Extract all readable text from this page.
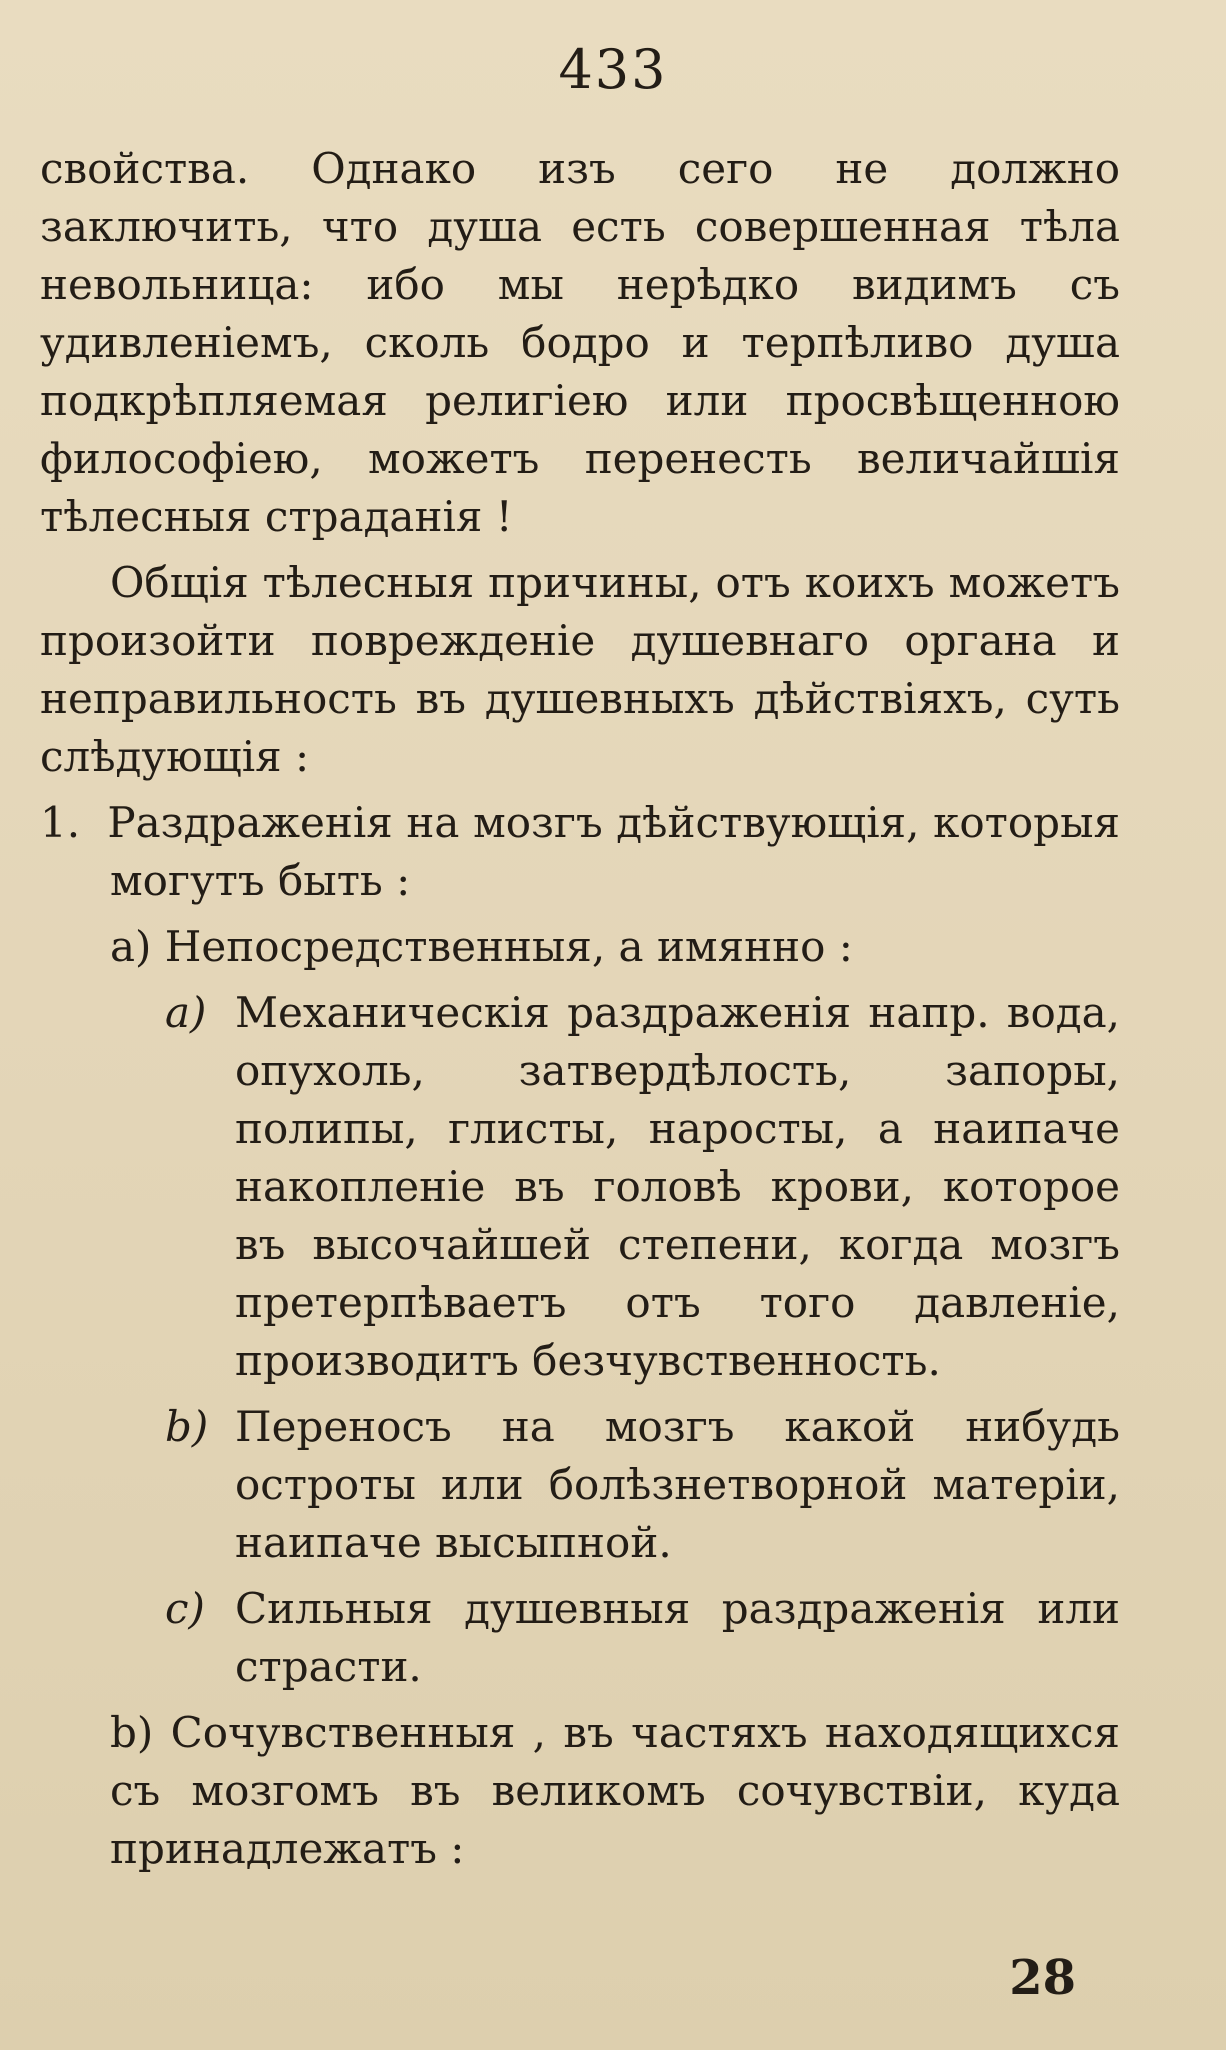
433

свойства. Однако изъ сего не должно заключить, что душа есть совершенная тѣла невольница: ибо мы нерѣдко видимъ съ удивленіемъ, сколь бодро и терпѣливо душа подкрѣпляемая религіею или просвѣщенною философіею, можетъ перенесть величайшія тѣлесныя страданія !

Общія тѣлесныя причины, отъ коихъ можетъ произойти поврежденіе душевнаго органа и неправильность въ душевныхъ дѣйствіяхъ, суть слѣдующія :

1. Раздраженія на мозгъ дѣйствующія, которыя могутъ быть :
a) Непосредственныя, а имянно :
a) Механическія раздраженія напр. вода, опухоль, затвердѣлость, запоры, полипы, глисты, наросты, а наипаче накопленіе въ головѣ крови, которое въ высочайшей степени, когда мозгъ претерпѣваетъ отъ того давленіе, производитъ безчувственность.
b) Переносъ на мозгъ какой нибудь остроты или болѣзнетворной матеріи, наипаче высыпной.
c) Сильныя душевныя раздраженія или страсти.
b) Сочувственныя , въ частяхъ находящихся съ мозгомъ въ великомъ сочувствіи, куда принадлежатъ :
28
